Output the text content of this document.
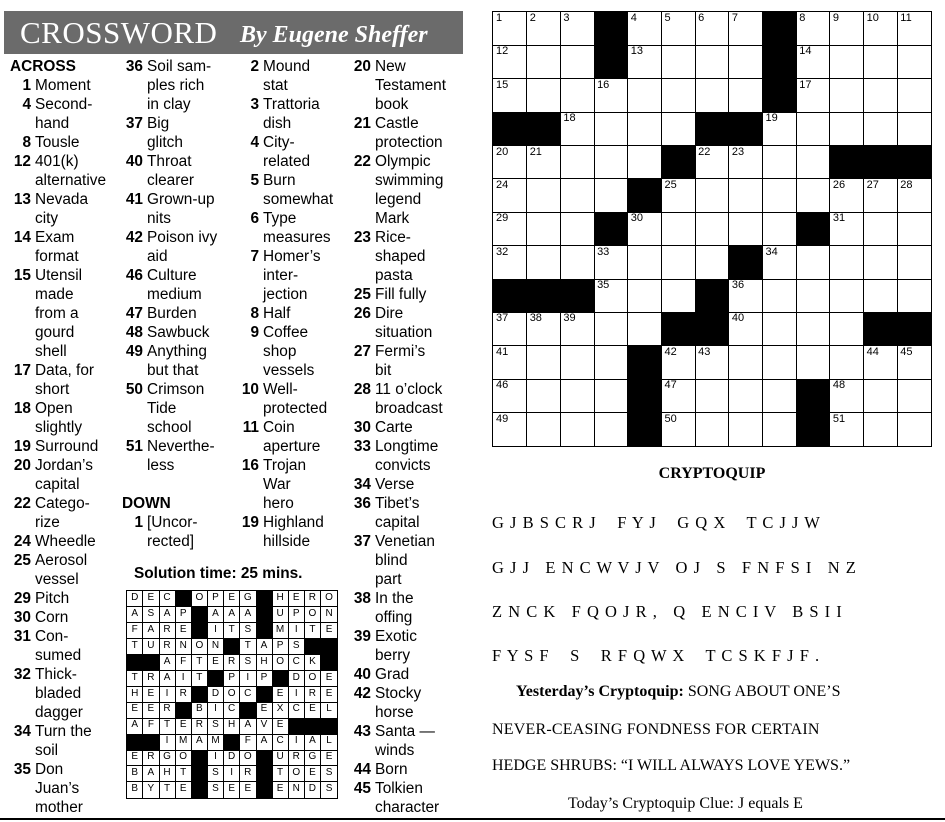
CROSSWORD By Eugene Sheffer
ACROSS
1 Moment
4 Second-
hand
8 Tousle
12 401(k)
alternative
13 Nevada
city
14 Exam
format
15 Utensil
made
from a
gourd
shell
17 Data, for
short
18 Open
slightly
19 Surround
20 Jordan’s
capital
22 Catego-
rize
24 Wheedle
25 Aerosol
vessel
29 Pitch
30 Corn
31 Con-
sumed
32 Thick-
bladed
dagger
34 Turn the
soil
35 Don
Juan’s
mother
36 Soil sam-
ples rich
in clay
37 Big
glitch
40 Throat
clearer
41 Grown-up
nits
42 Poison ivy
aid
46 Culture
medium
47 Burden
48 Sawbuck
49 Anything
but that
50 Crimson
Tide
school
51 Neverthe-
less
DOWN
1 [Uncor-
rected]
2 Mound
stat
3 Trattoria
dish
4 City-
related
5 Burn
somewhat
6 Type
measures
7 Homer’s
inter-
jection
8 Half
9 Coffee
shop
vessels
10 Well-
protected
11 Coin
aperture
16 Trojan
War
hero
19 Highland
hillside
20 New
Testament
book
21 Castle
protection
22 Olympic
swimming
legend
Mark
23 Rice-
shaped
pasta
25 Fill fully
26 Dire
situation
27 Fermi’s
bit
28 11 o’clock
broadcast
30 Carte
33 Longtime
convicts
34 Verse
36 Tibet’s
capital
37 Venetian
blind
part
38 In the
offing
39 Exotic
berry
40 Grad
42 Stocky
horse
43 Santa —
winds
44 Born
45 Tolkien
character
Solution time: 25 mins.
D E C	O P E G	H E R O
A S A P	A A A	U P O N
F A R E	I	T S	M	I	T	E
T U R N O N	T A P S
A F	T E R S H O C K
T R A	I	T	P	I	P	D O E
H E	I	R	D O C	E	I	R E
E E R	B	I	C	E X C E	L
A F	T E R S H A V E
I	M A M	F A C	I	A	L
E R G O	I	D O	U R G E
B A H T	S	I	R	T O E S
B Y T E	S E E	E N D S
1	2	3	4	5	6	7	8	9	10 11
12	13	14
15	16	17
18	19
20 21	22 23
24	25	26 27 28
29	30	31
32	33	34
35	36
37 38 39	40
41	42 43	44 45
46	47	48
49	50	51
CRYPTOQUIP
G J B S C R J    F Y J    G Q X    T C J J W
G J J   E N C W V J V   O J   S   F N F S I   N Z
Z N C K   F Q O J R ,   Q   E N C I V   B S I I
F Y S F    S    R F Q W X    T C S K F J F .
Yesterday’s Cryptoquip: SONG ABOUT ONE’S
NEVER-CEASING FONDNESS FOR CERTAIN
HEDGE SHRUBS: “I WILL ALWAYS LOVE YEWS.”
Today’s Cryptoquip Clue: J equals E
